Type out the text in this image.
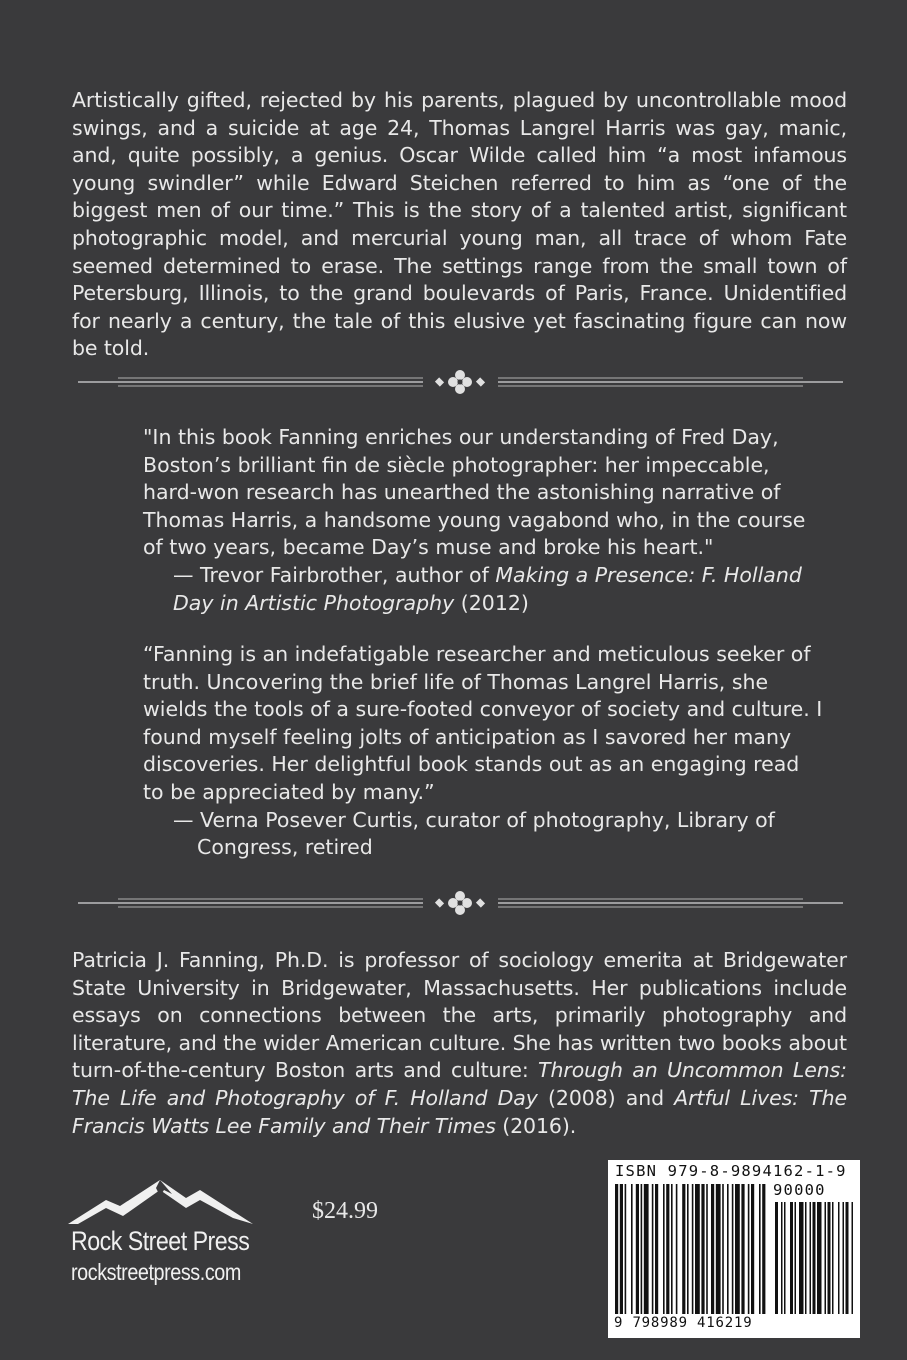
Artistically gifted, rejected by his parents, plagued by uncontrollable mood swings, and a suicide at age 24, Thomas Langrel Harris was gay, manic, and, quite possibly, a genius. Oscar Wilde called him “a most infamous young swindler” while Edward Steichen referred to him as “one of the biggest men of our time.” This is the story of a talented artist, significant photographic model, and mercurial young man, all trace of whom Fate seemed determined to erase. The settings range from the small town of Petersburg, Illinois, to the grand boulevards of Paris, France. Unidentified for nearly a century, the tale of this elusive yet fascinating figure can now be told.
"In this book Fanning enriches our understanding of Fred Day, Boston’s brilliant fin de siècle photographer: her impeccable, hard-won research has unearthed the astonishing narrative of Thomas Harris, a handsome young vagabond who, in the course of two years, became Day’s muse and broke his heart."
— Trevor Fairbrother, author of Making a Presence: F. Holland Day in Artistic Photography (2012)
“Fanning is an indefatigable researcher and meticulous seeker of truth. Uncovering the brief life of Thomas Langrel Harris, she wields the tools of a sure-footed conveyor of society and culture. I found myself feeling jolts of anticipation as I savored her many discoveries. Her delightful book stands out as an engaging read to be appreciated by many.”
— Verna Posever Curtis, curator of photography, Library of
Congress, retired
Patricia J. Fanning, Ph.D. is professor of sociology emerita at Bridgewater State University in Bridgewater, Massachusetts. Her publications include essays on connections between the arts, primarily photography and literature, and the wider American culture. She has written two books about turn-of-the-century Boston arts and culture: Through an Uncommon Lens: The Life and Photography of F. Holland Day (2008) and Artful Lives: The Francis Watts Lee Family and Their Times (2016).
Rock Street Press
rockstreetpress.com
$24.99
ISBN 979-8-9894162-1-9
90000
9 798989 416219
